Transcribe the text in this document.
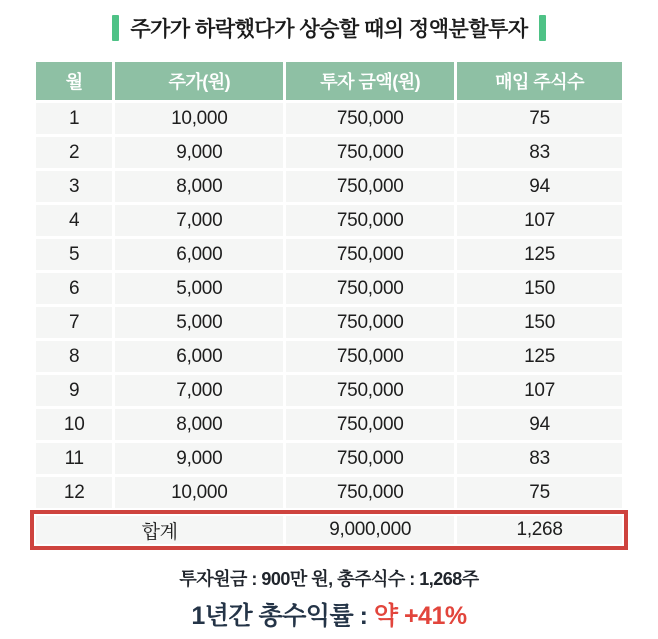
주가가 하락했다가 상승할 때의 정액분할투자
월	주가(원)	투자 금액(원)	매입 주식수
1	10,000	750,000	75
2	9,000	750,000	83
3	8,000	750,000	94
4	7,000	750,000	107
5	6,000	750,000	125
6	5,000	750,000	150
7	5,000	750,000	150
8	6,000	750,000	125
9	7,000	750,000	107
10	8,000	750,000	94
11	9,000	750,000	83
12	10,000	750,000	75
합계	9,000,000	1,268
투자원금 : 900만 원, 총주식수 : 1,268주
1년간 총수익률 : 약 +41%
